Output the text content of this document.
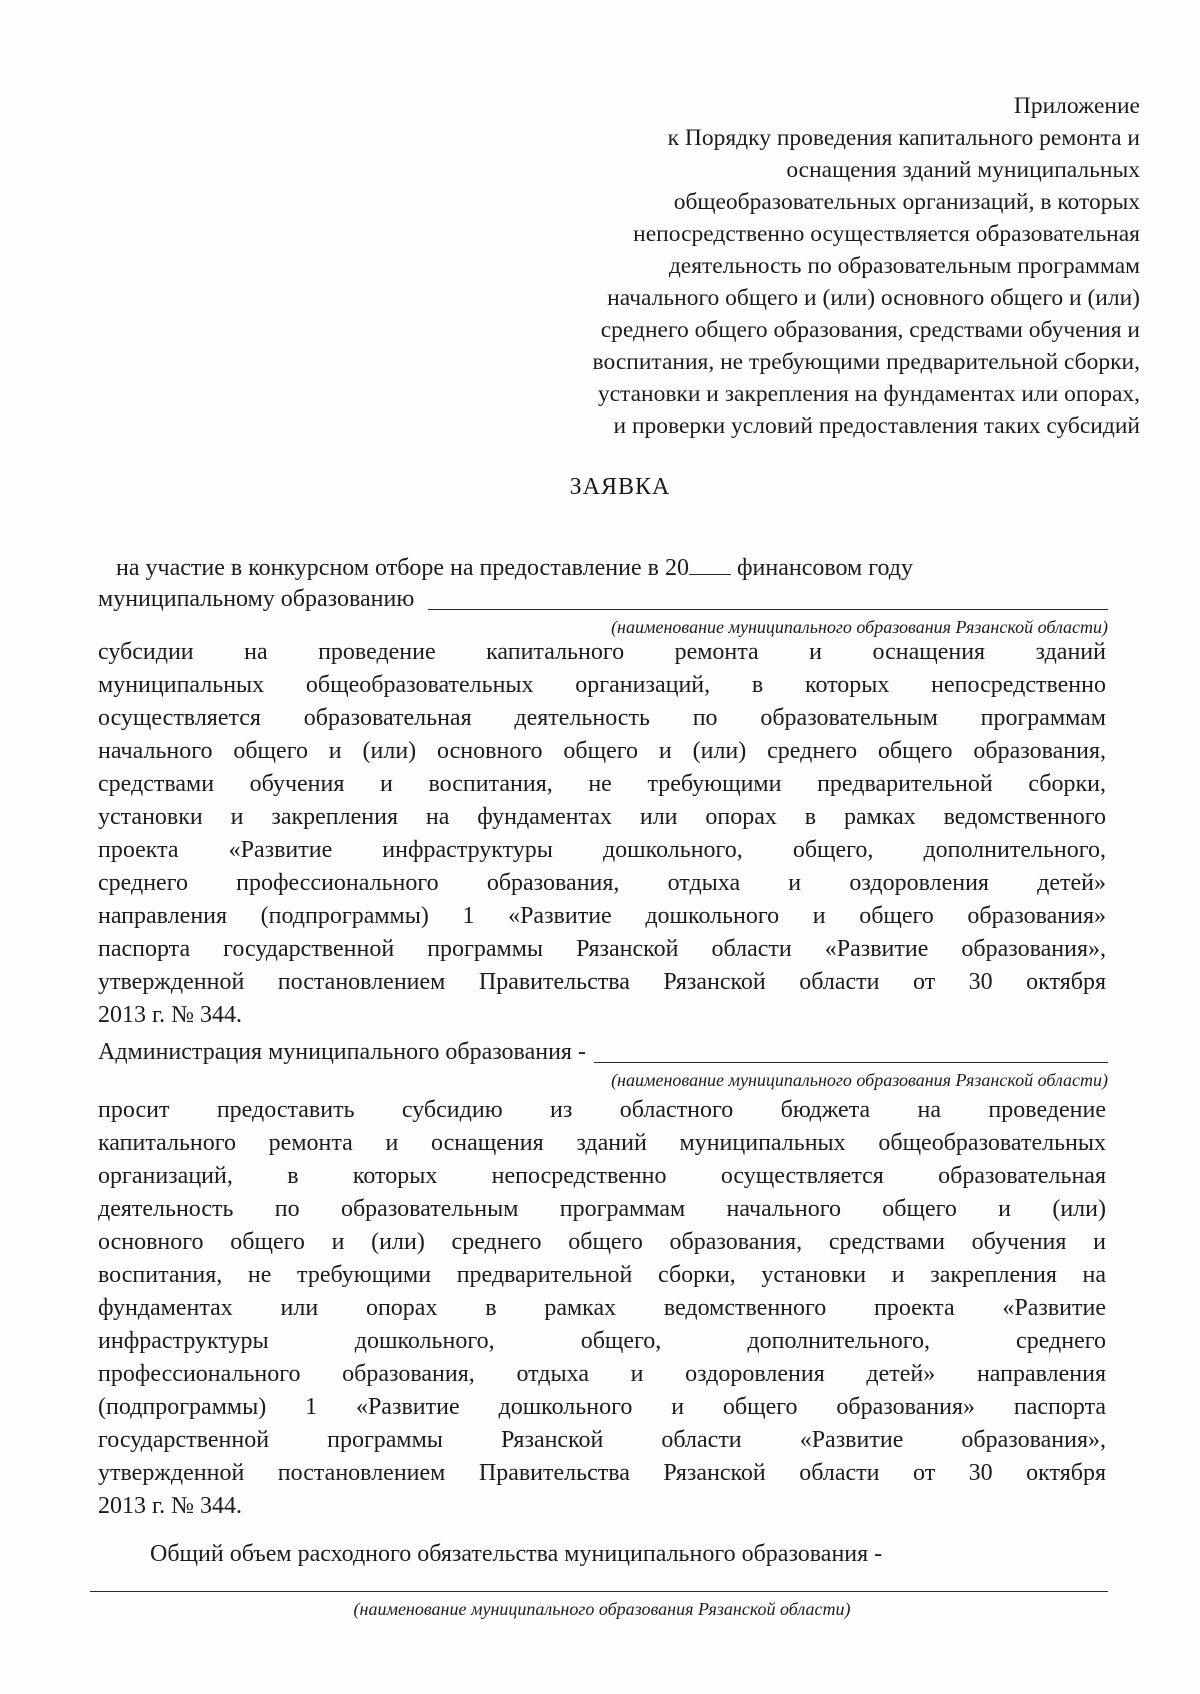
Приложение
к Порядку проведения капитального ремонта и
оснащения зданий муниципальных
общеобразовательных организаций, в которых
непосредственно осуществляется образовательная
деятельность по образовательным программам
начального общего и (или) основного общего и (или)
среднего общего образования, средствами обучения и
воспитания, не требующими предварительной сборки,
установки и закрепления на фундаментах или опорах,
и проверки условий предоставления таких субсидий
ЗАЯВКА
на участие в конкурсном отборе на предоставление в 20 финансовом году
муниципальному образованию
(наименование муниципального образования Рязанской области)
субсидии на проведение капитального ремонта и оснащения зданий
муниципальных общеобразовательных организаций, в которых непосредственно
осуществляется образовательная деятельность по образовательным программам
начального общего и (или) основного общего и (или) среднего общего образования,
средствами обучения и воспитания, не требующими предварительной сборки,
установки и закрепления на фундаментах или опорах в рамках ведомственного
проекта «Развитие инфраструктуры дошкольного, общего, дополнительного,
среднего профессионального образования, отдыха и оздоровления детей»
направления (подпрограммы) 1 «Развитие дошкольного и общего образования»
паспорта государственной программы Рязанской области «Развитие образования»,
утвержденной постановлением Правительства Рязанской области от 30 октября
2013 г. № 344.
Администрация муниципального образования -
(наименование муниципального образования Рязанской области)
просит предоставить субсидию из областного бюджета на проведение
капитального ремонта и оснащения зданий муниципальных общеобразовательных
организаций, в которых непосредственно осуществляется образовательная
деятельность по образовательным программам начального общего и (или)
основного общего и (или) среднего общего образования, средствами обучения и
воспитания, не требующими предварительной сборки, установки и закрепления на
фундаментах или опорах в рамках ведомственного проекта «Развитие
инфраструктуры дошкольного, общего, дополнительного, среднего
профессионального образования, отдыха и оздоровления детей» направления
(подпрограммы) 1 «Развитие дошкольного и общего образования» паспорта
государственной программы Рязанской области «Развитие образования»,
утвержденной постановлением Правительства Рязанской области от 30 октября
2013 г. № 344.
Общий объем расходного обязательства муниципального образования -
(наименование муниципального образования Рязанской области)
